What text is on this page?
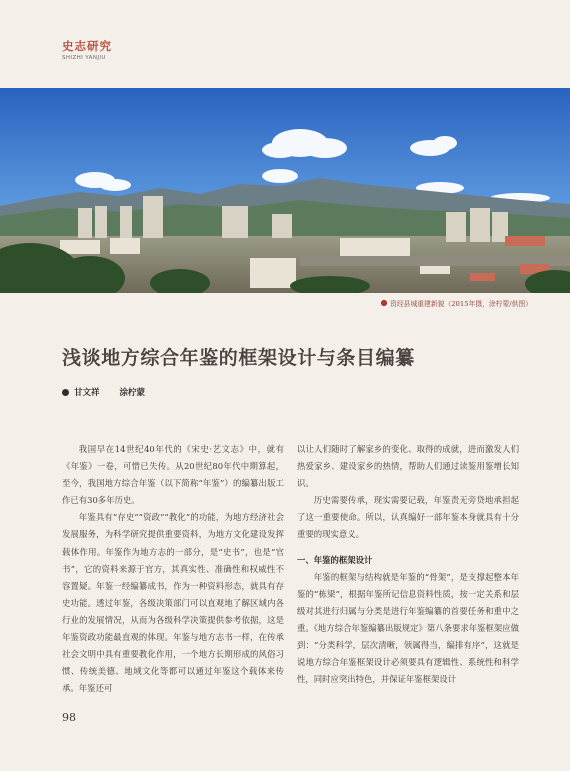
史志研究
SHIZHI YANJIU
资经县城重建新貌（2015年摄，涂柠蒙/供图）
浅谈地方综合年鉴的框架设计与条目编纂
甘文祥 涂柠蒙

我国早在14世纪40年代的《宋史·艺文志》中，就有《年鉴》一卷，可惜已失传。从20世纪80年代中期算起，至今，我国地方综合年鉴（以下简称“年鉴”）的编纂出版工作已有30多年历史。

年鉴具有“存史”“资政”“教化”的功能，为地方经济社会发展服务，为科学研究提供重要资料，为地方文化建设发挥载体作用。年鉴作为地方志的一部分，是“史书”，也是“官书”，它的资料来源于官方，其真实性、准确性和权威性不容置疑。年鉴一经编纂成书，作为一种资料形态，就具有存史功能。透过年鉴，各级决策部门可以直观地了解区域内各行业的发展情况，从而为各级科学决策提供参考依据，这是年鉴资政功能最直观的体现。年鉴与地方志书一样，在传承社会文明中具有重要教化作用，一个地方长期形成的风俗习惯、传统美德、地域文化等都可以通过年鉴这个载体来传承。年鉴还可

以让人们随时了解家乡的变化、取得的成就，进而激发人们热爱家乡、建设家乡的热情，帮助人们通过读鉴用鉴增长知识。

历史需要传承，现实需要记载，年鉴责无旁贷地承担起了这一重要使命。所以，认真编好一部年鉴本身就具有十分重要的现实意义。

一、年鉴的框架设计

年鉴的框架与结构就是年鉴的“骨架”，是支撑起整本年鉴的“栋梁”，根据年鉴所记信息资料性质，按一定关系和层级对其进行归属与分类是进行年鉴编纂的首要任务和重中之重。《地方综合年鉴编纂出版规定》第八条要求年鉴框架应做到：“分类科学，层次清晰，领属得当，编排有序”，这就是说地方综合年鉴框架设计必须要具有逻辑性、系统性和科学性，同时应突出特色，并保证年鉴框架设计

98
